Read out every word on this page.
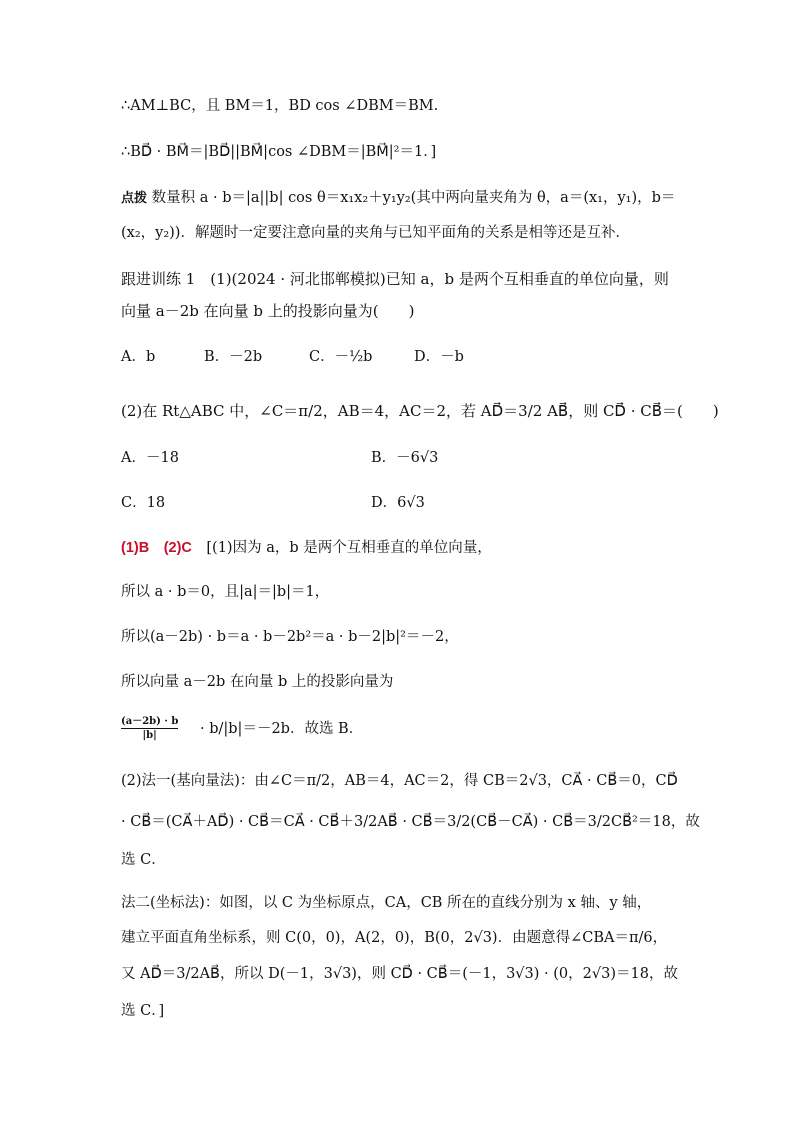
∴AM⊥BC，且 BM＝1，BD cos ∠DBM＝BM.
∴BD⃗ · BM⃗＝|BD⃗||BM⃗|cos ∠DBM＝|BM⃗|²＝1．]
点拨 数量积 a · b＝|a||b| cos θ＝x₁x₂＋y₁y₂(其中两向量夹角为 θ，a＝(x₁，y₁)，b＝
(x₂，y₂))．解题时一定要注意向量的夹角与已知平面角的关系是相等还是互补．
跟进训练 1　(1)(2024 · 河北邯郸模拟)已知 a，b 是两个互相垂直的单位向量，则
向量 a－2b 在向量 b 上的投影向量为(　　)
A．b	B．－2b	C．－½b	D．－b
(2)在 Rt△ABC 中，∠C＝π/2，AB＝4，AC＝2，若 AD⃗＝3/2 AB⃗，则 CD⃗ · CB⃗＝(　　)
A．－18	B．－6√3
C．18	D．6√3
(1)B　(2)C　[(1)因为 a，b 是两个互相垂直的单位向量，
所以 a · b＝0，且|a|＝|b|＝1，
所以(a－2b) · b＝a · b－2b²＝a · b－2|b|²＝－2，
所以向量 a－2b 在向量 b 上的投影向量为
(a－2b) · b
|b|	· b/|b|＝－2b．故选 B．
(2)法一(基向量法)：由∠C＝π/2，AB＝4，AC＝2，得 CB＝2√3，CA⃗ · CB⃗＝0，CD⃗
· CB⃗＝(CA⃗＋AD⃗) · CB⃗＝CA⃗ · CB⃗＋3/2AB⃗ · CB⃗＝3/2(CB⃗－CA⃗) · CB⃗＝3/2CB⃗²＝18，故
选 C．
法二(坐标法)：如图，以 C 为坐标原点，CA，CB 所在的直线分别为 x 轴、y 轴，
建立平面直角坐标系，则 C(0，0)，A(2，0)，B(0，2√3)．由题意得∠CBA＝π/6，
又 AD⃗＝3/2AB⃗，所以 D(－1，3√3)，则 CD⃗ · CB⃗＝(－1，3√3) · (0，2√3)＝18，故
选 C．]
